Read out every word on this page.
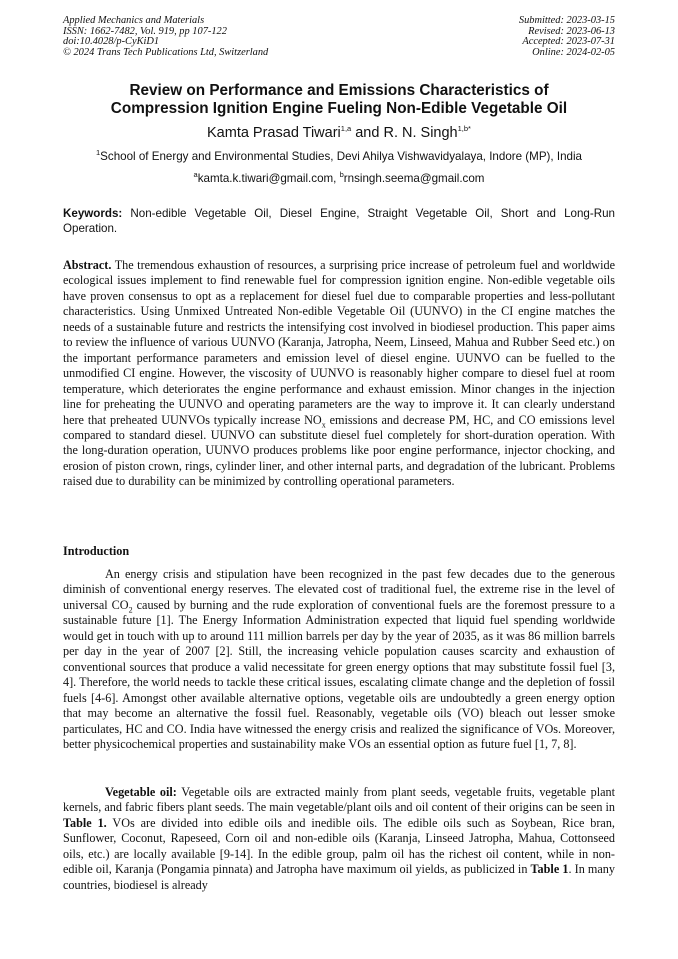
Applied Mechanics and Materials
ISSN: 1662-7482, Vol. 919, pp 107-122
doi:10.4028/p-CyKiD1
© 2024 Trans Tech Publications Ltd, Switzerland
Submitted: 2023-03-15
Revised: 2023-06-13
Accepted: 2023-07-31
Online: 2024-02-05
Review on Performance and Emissions Characteristics of
Compression Ignition Engine Fueling Non-Edible Vegetable Oil
Kamta Prasad Tiwari$^{1,a}$ and R. N. Singh$^{1,b*}$
$^1$School of Energy and Environmental Studies, Devi Ahilya Vishwavidyalaya, Indore (MP), India
$^a$kamta.k.tiwari@gmail.com, $^b$rnsingh.seema@gmail.com
Keywords: Non-edible Vegetable Oil, Diesel Engine, Straight Vegetable Oil, Short and Long-Run Operation.

Abstract. The tremendous exhaustion of resources, a surprising price increase of petroleum fuel and worldwide ecological issues implement to find renewable fuel for compression ignition engine. Non-edible vegetable oils have proven consensus to opt as a replacement for diesel fuel due to comparable properties and less-pollutant characteristics. Using Unmixed Untreated Non-edible Vegetable Oil (UUNVO) in the CI engine matches the needs of a sustainable future and restricts the intensifying cost involved in biodiesel production. This paper aims to review the influence of various UUNVO (Karanja, Jatropha, Neem, Linseed, Mahua and Rubber Seed etc.) on the important performance parameters and emission level of diesel engine. UUNVO can be fuelled to the unmodified CI engine. However, the viscosity of UUNVO is reasonably higher compare to diesel fuel at room temperature, which deteriorates the engine performance and exhaust emission. Minor changes in the injection line for preheating the UUNVO and operating parameters are the way to improve it. It can clearly understand here that preheated UUNVOs typically increase $NO_x$ emissions and decrease PM, HC, and CO emissions level compared to standard diesel. UUNVO can substitute diesel fuel completely for short-duration operation. With the long-duration operation, UUNVO produces problems like poor engine performance, injector chocking, and erosion of piston crown, rings, cylinder liner, and other internal parts, and degradation of the lubricant. Problems raised due to durability can be minimized by controlling operational parameters.

Introduction

An energy crisis and stipulation have been recognized in the past few decades due to the generous diminish of conventional energy reserves. The elevated cost of traditional fuel, the extreme rise in the level of universal $CO_2$ caused by burning and the rude exploration of conventional fuels are the foremost pressure to a sustainable future [1]. The Energy Information Administration expected that liquid fuel spending worldwide would get in touch with up to around 111 million barrels per day by the year of 2035, as it was 86 million barrels per day in the year of 2007 [2]. Still, the increasing vehicle population causes scarcity and exhaustion of conventional sources that produce a valid necessitate for green energy options that may substitute fossil fuel [3, 4]. Therefore, the world needs to tackle these critical issues, escalating climate change and the depletion of fossil fuels [4-6]. Amongst other available alternative options, vegetable oils are undoubtedly a green energy option that may become an alternative the fossil fuel. Reasonably, vegetable oils (VO) bleach out lesser smoke particulates, HC and CO. India have witnessed the energy crisis and realized the significance of VOs. Moreover, better physicochemical properties and sustainability make VOs an essential option as future fuel [1, 7, 8].

Vegetable oil: Vegetable oils are extracted mainly from plant seeds, vegetable fruits, vegetable plant kernels, and fabric fibers plant seeds. The main vegetable/plant oils and oil content of their origins can be seen in Table 1. VOs are divided into edible oils and inedible oils. The edible oils such as Soybean, Rice bran, Sunflower, Coconut, Rapeseed, Corn oil and non-edible oils (Karanja, Linseed Jatropha, Mahua, Cottonseed oils, etc.) are locally available [9-14]. In the edible group, palm oil has the richest oil content, while in non-edible oil, Karanja (Pongamia pinnata) and Jatropha have maximum oil yields, as publicized in Table 1. In many countries, biodiesel is already
